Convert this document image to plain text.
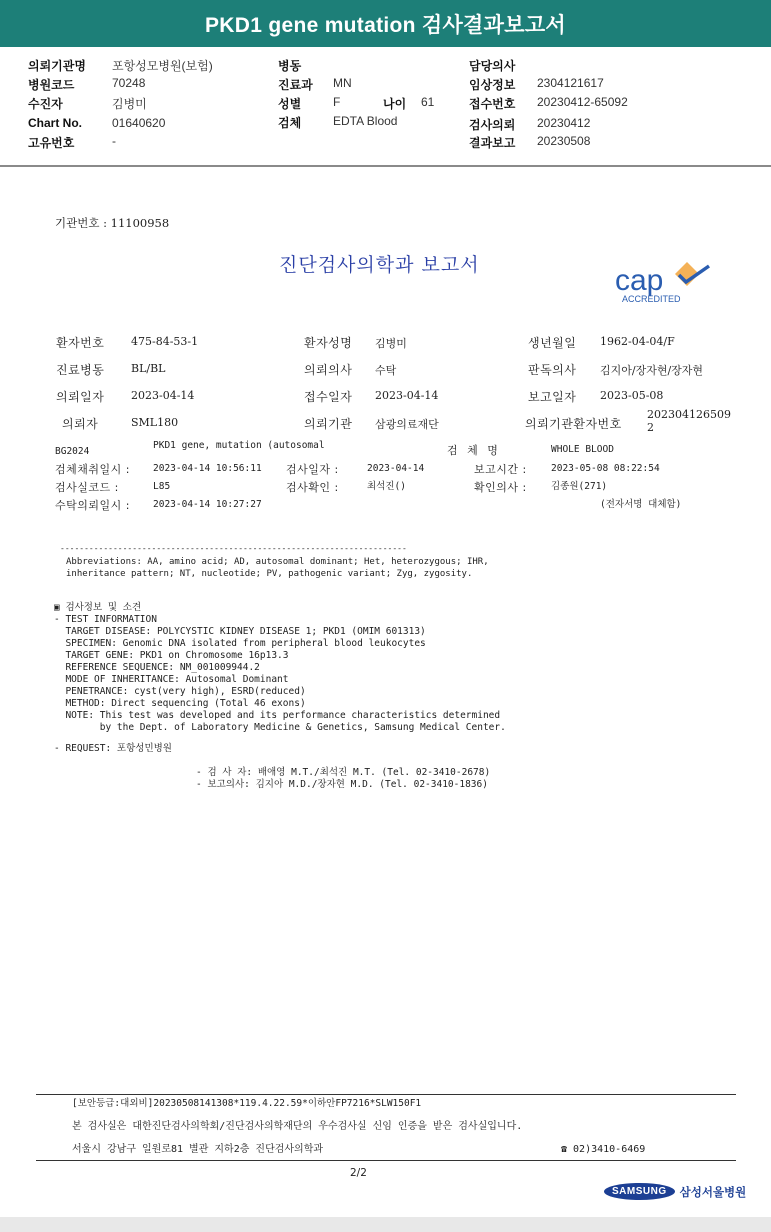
PKD1 gene mutation 검사결과보고서
의뢰기관명 포항성모병원(보험)
병원코드	70248
수진자	김병미
Chart No.	01640620
고유번호	-
병동
진료과 MN
성별	F	나이 61
검체	EDTA Blood
담당의사
임상정보 2304121617
접수번호 20230412-65092
검사의뢰 20230412
결과보고 20230508
기관번호 : 11100958
진단검사의학과 보고서	cap
ACCREDITED
환자번호 475-84-53-1	환자성명 김병미	생년월일 1962-04-04/F
진료병동 BL/BL	의뢰의사 수탁	판독의사 김지아/장자현/장자현
의뢰일자 2023-04-14	접수일자 2023-04-14	보고일자 2023-05-08
의뢰자	SML180	의뢰기관 삼광의료재단	의뢰기관환자번호
2023041265092
BG2024
PKD1 gene, mutation (autosomal	검 체 명	WHOLE BLOOD
검체채취일시 : 2023-04-14 10:56:11 검사일자 :	2023-04-14	보고시간 :	2023-05-08 08:22:54
검사실코드 :	L85	검사확인 :	최석진()	확인의사 :	김종원(271)
수탁의뢰일시 : 2023-04-14 10:27:27	(전자서명 대체함)
------------------------------------------------------------------------
Abbreviations: AA, amino acid; AD, autosomal dominant; Het, heterozygous; IHR,
inheritance pattern; NT, nucleotide; PV, pathogenic variant; Zyg, zygosity.
▣ 검사정보 및 소견
- TEST INFORMATION
TARGET DISEASE: POLYCYSTIC KIDNEY DISEASE 1; PKD1 (OMIM 601313)
SPECIMEN: Genomic DNA isolated from peripheral blood leukocytes
TARGET GENE: PKD1 on Chromosome 16p13.3
REFERENCE SEQUENCE: NM_001009944.2
MODE OF INHERITANCE: Autosomal Dominant
PENETRANCE: cyst(very high), ESRD(reduced)
METHOD: Direct sequencing (Total 46 exons)
NOTE: This test was developed and its performance characteristics determined
by the Dept. of Laboratory Medicine & Genetics, Samsung Medical Center.
- REQUEST: 포항성민병원
- 검 사 자: 배애영 M.T./최석진 M.T. (Tel. 02-3410-2678)
- 보고의사: 김지아 M.D./장자현 M.D. (Tel. 02-3410-1836)
[보안등급:대외비]20230508141308*119.4.22.59*이하안FP7216*SLW150F1
본 검사실은 대한진단검사의학회/진단검사의학재단의 우수검사실 신임 인증을 받은 검사실입니다.
서울시 강남구 일원로81 별관 지하2층 진단검사의학과	☎ 02)3410-6469
2/2
SAMSUNG	삼성서울병원
